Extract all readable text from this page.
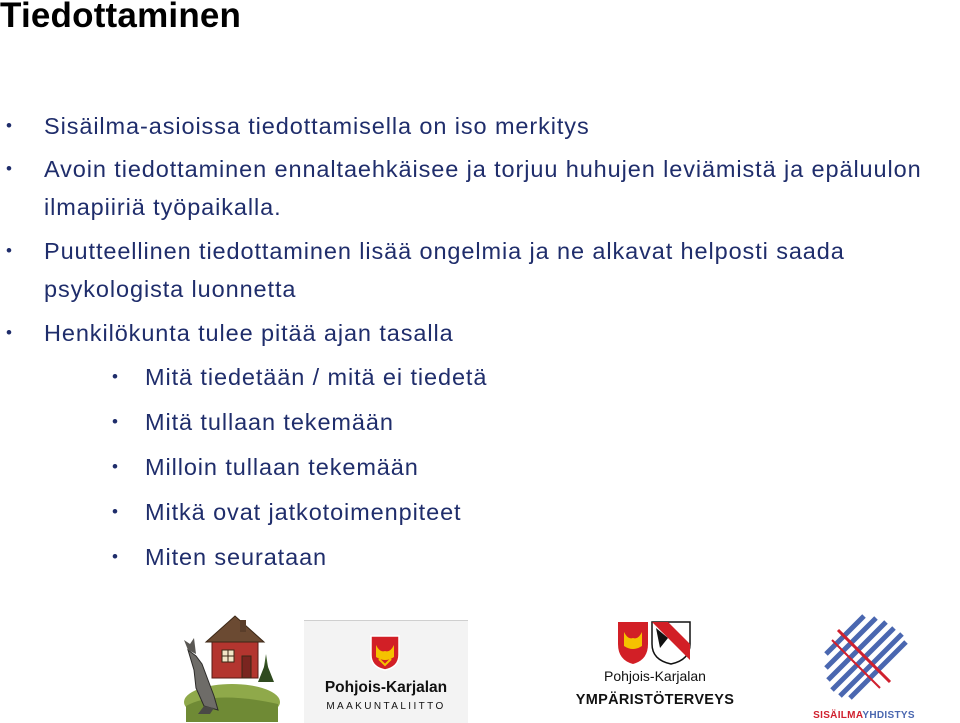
Tiedottaminen
• Sisäilma-asioissa tiedottamisella on iso merkitys
• Avoin tiedottaminen ennaltaehkäisee ja torjuu huhujen leviämistä ja epäluulon ilmapiiriä työpaikalla.
• Puutteellinen tiedottaminen lisää ongelmia ja ne alkavat helposti saada psykologista luonnetta
• Henkilökunta tulee pitää ajan tasalla
• Mitä tiedetään / mitä ei tiedetä
• Mitä tullaan tekemään
• Milloin tullaan tekemään
• Mitkä ovat jatkotoimenpiteet
• Miten seurataan
Pohjois-Karjalan
MAAKUNTALIITTO
Pohjois-Karjalan
YMPÄRISTÖTERVEYS
SISÄILMAYHDISTYS
